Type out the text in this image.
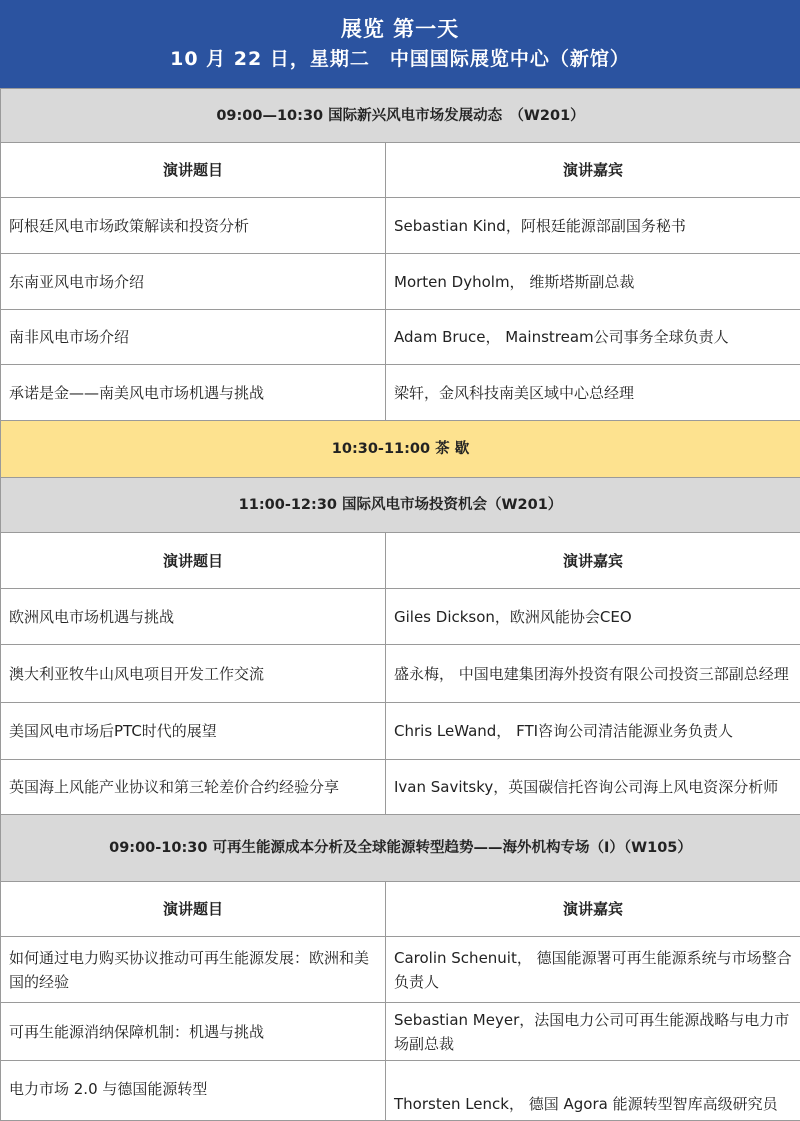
展览 第一天
10 月 22 日，星期二　中国国际展览中心（新馆）
09:00—10:30 国际新兴风电市场发展动态　（W201）	
演讲题目	演讲嘉宾
阿根廷风电市场政策解读和投资分析	Sebastian Kind，阿根廷能源部副国务秘书
东南亚风电市场介绍	Morten Dyholm， 维斯塔斯副总裁
南非风电市场介绍	Adam Bruce， Mainstream公司事务全球负责人
承诺是金——南美风电市场机遇与挑战	梁轩，金风科技南美区域中心总经理
10:30-11:00 茶 歇	
11:00-12:30 国际风电市场投资机会（W201）	
演讲题目	演讲嘉宾
欧洲风电市场机遇与挑战	Giles Dickson，欧洲风能协会CEO
澳大利亚牧牛山风电项目开发工作交流	盛永梅， 中国电建集团海外投资有限公司投资三部副总经理
美国风电市场后PTC时代的展望	Chris LeWand， FTI咨询公司清洁能源业务负责人
英国海上风能产业协议和第三轮差价合约经验分享	Ivan Savitsky，英国碳信托咨询公司海上风电资深分析师
09:00-10:30 可再生能源成本分析及全球能源转型趋势——海外机构专场（I）（W105）	
演讲题目	演讲嘉宾
如何通过电力购买协议推动可再生能源发展：欧洲和美国的经验	Carolin Schenuit， 德国能源署可再生能源系统与市场整合负责人
可再生能源消纳保障机制：机遇与挑战	Sebastian Meyer，法国电力公司可再生能源战略与电力市场副总裁
电力市场 2.0 与德国能源转型	Thorsten Lenck， 德国 Agora 能源转型智库高级研究员
